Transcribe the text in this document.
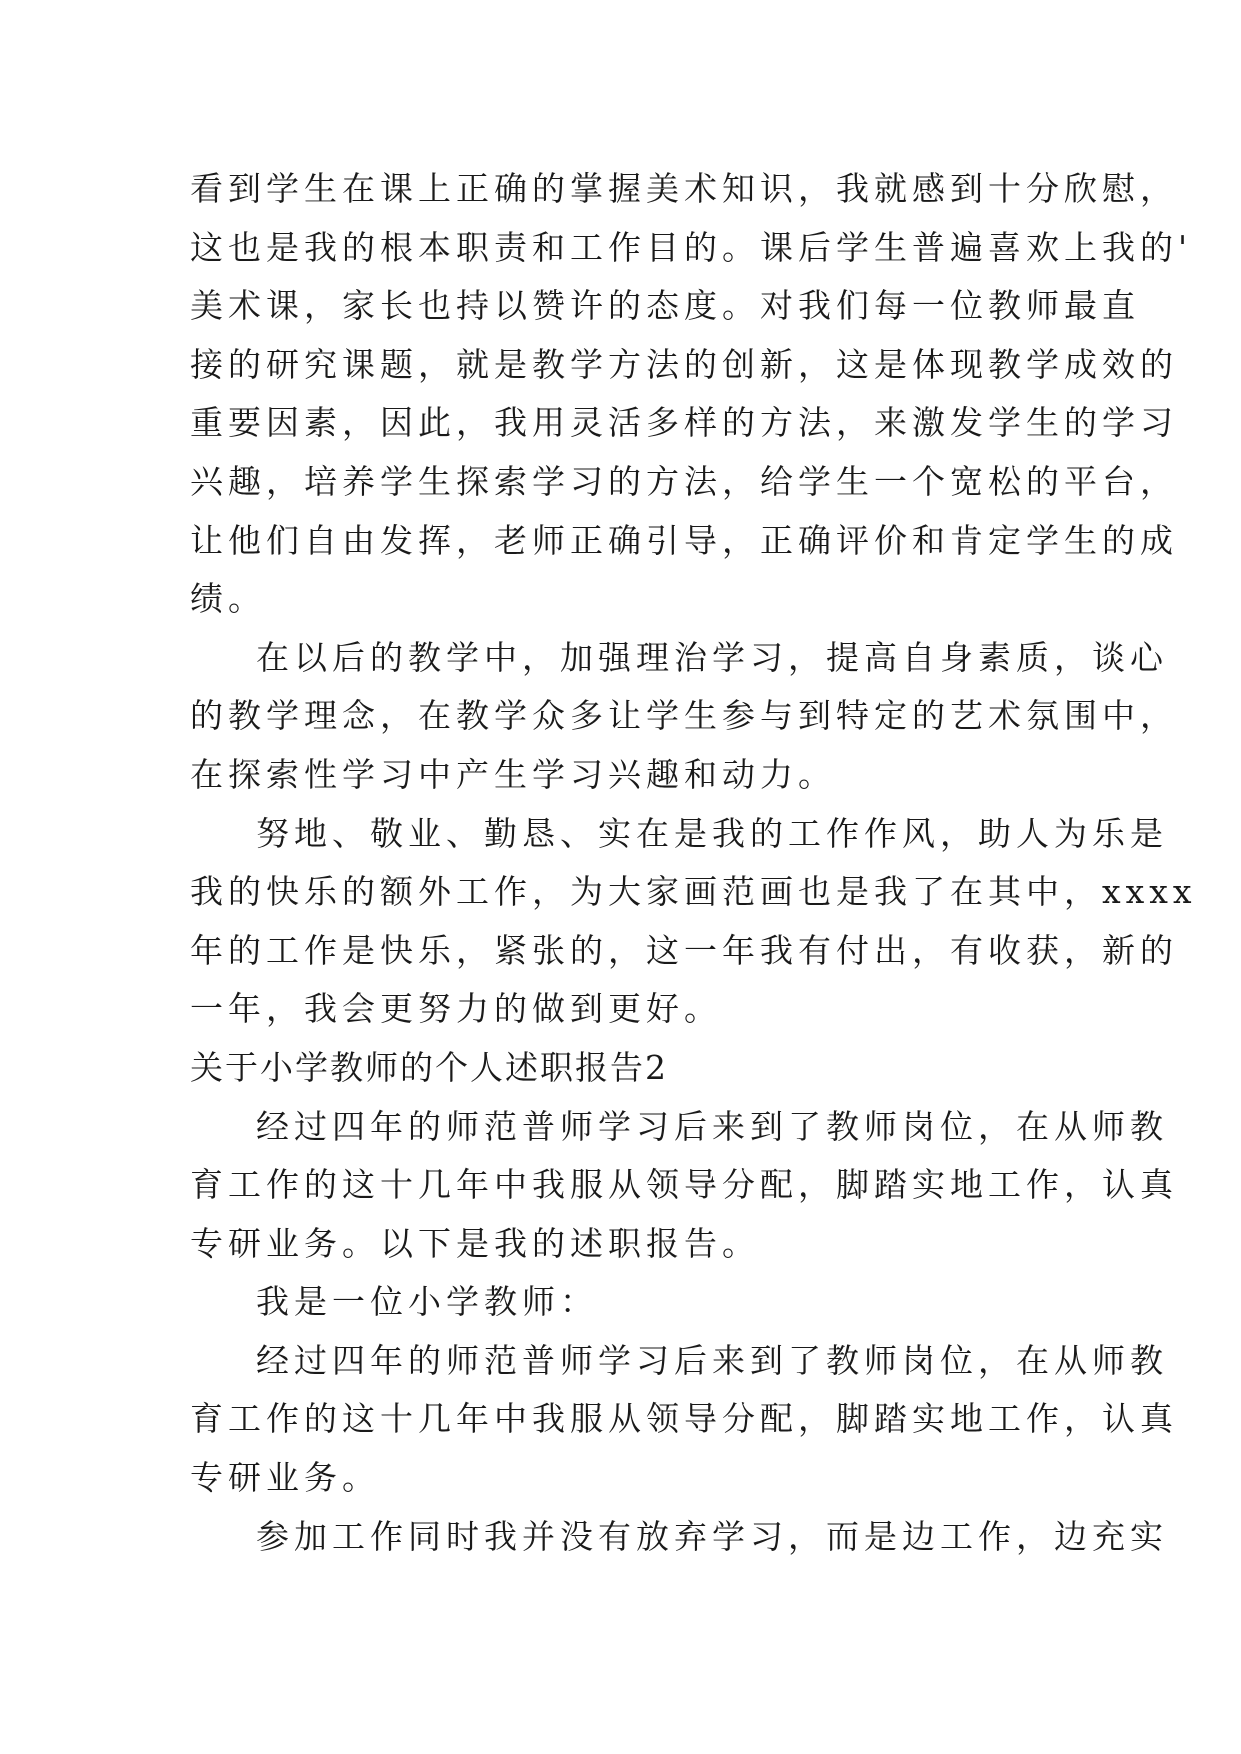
看到学生在课上正确的掌握美术知识，我就感到十分欣慰，
这也是我的根本职责和工作目的。课后学生普遍喜欢上我的'
美术课，家长也持以赞许的态度。对我们每一位教师最直
接的研究课题，就是教学方法的创新，这是体现教学成效的
重要因素，因此，我用灵活多样的方法，来激发学生的学习
兴趣，培养学生探索学习的方法，给学生一个宽松的平台，
让他们自由发挥，老师正确引导，正确评价和肯定学生的成
绩。
在以后的教学中，加强理治学习，提高自身素质，谈心
的教学理念，在教学众多让学生参与到特定的艺术氛围中，
在探索性学习中产生学习兴趣和动力。
努地、敬业、勤恳、实在是我的工作作风，助人为乐是
我的快乐的额外工作，为大家画范画也是我了在其中，xxxx
年的工作是快乐，紧张的，这一年我有付出，有收获，新的
一年，我会更努力的做到更好。
关于小学教师的个人述职报告2
经过四年的师范普师学习后来到了教师岗位，在从师教
育工作的这十几年中我服从领导分配，脚踏实地工作，认真
专研业务。以下是我的述职报告。
我是一位小学教师：
经过四年的师范普师学习后来到了教师岗位，在从师教
育工作的这十几年中我服从领导分配，脚踏实地工作，认真
专研业务。
参加工作同时我并没有放弃学习，而是边工作，边充实
